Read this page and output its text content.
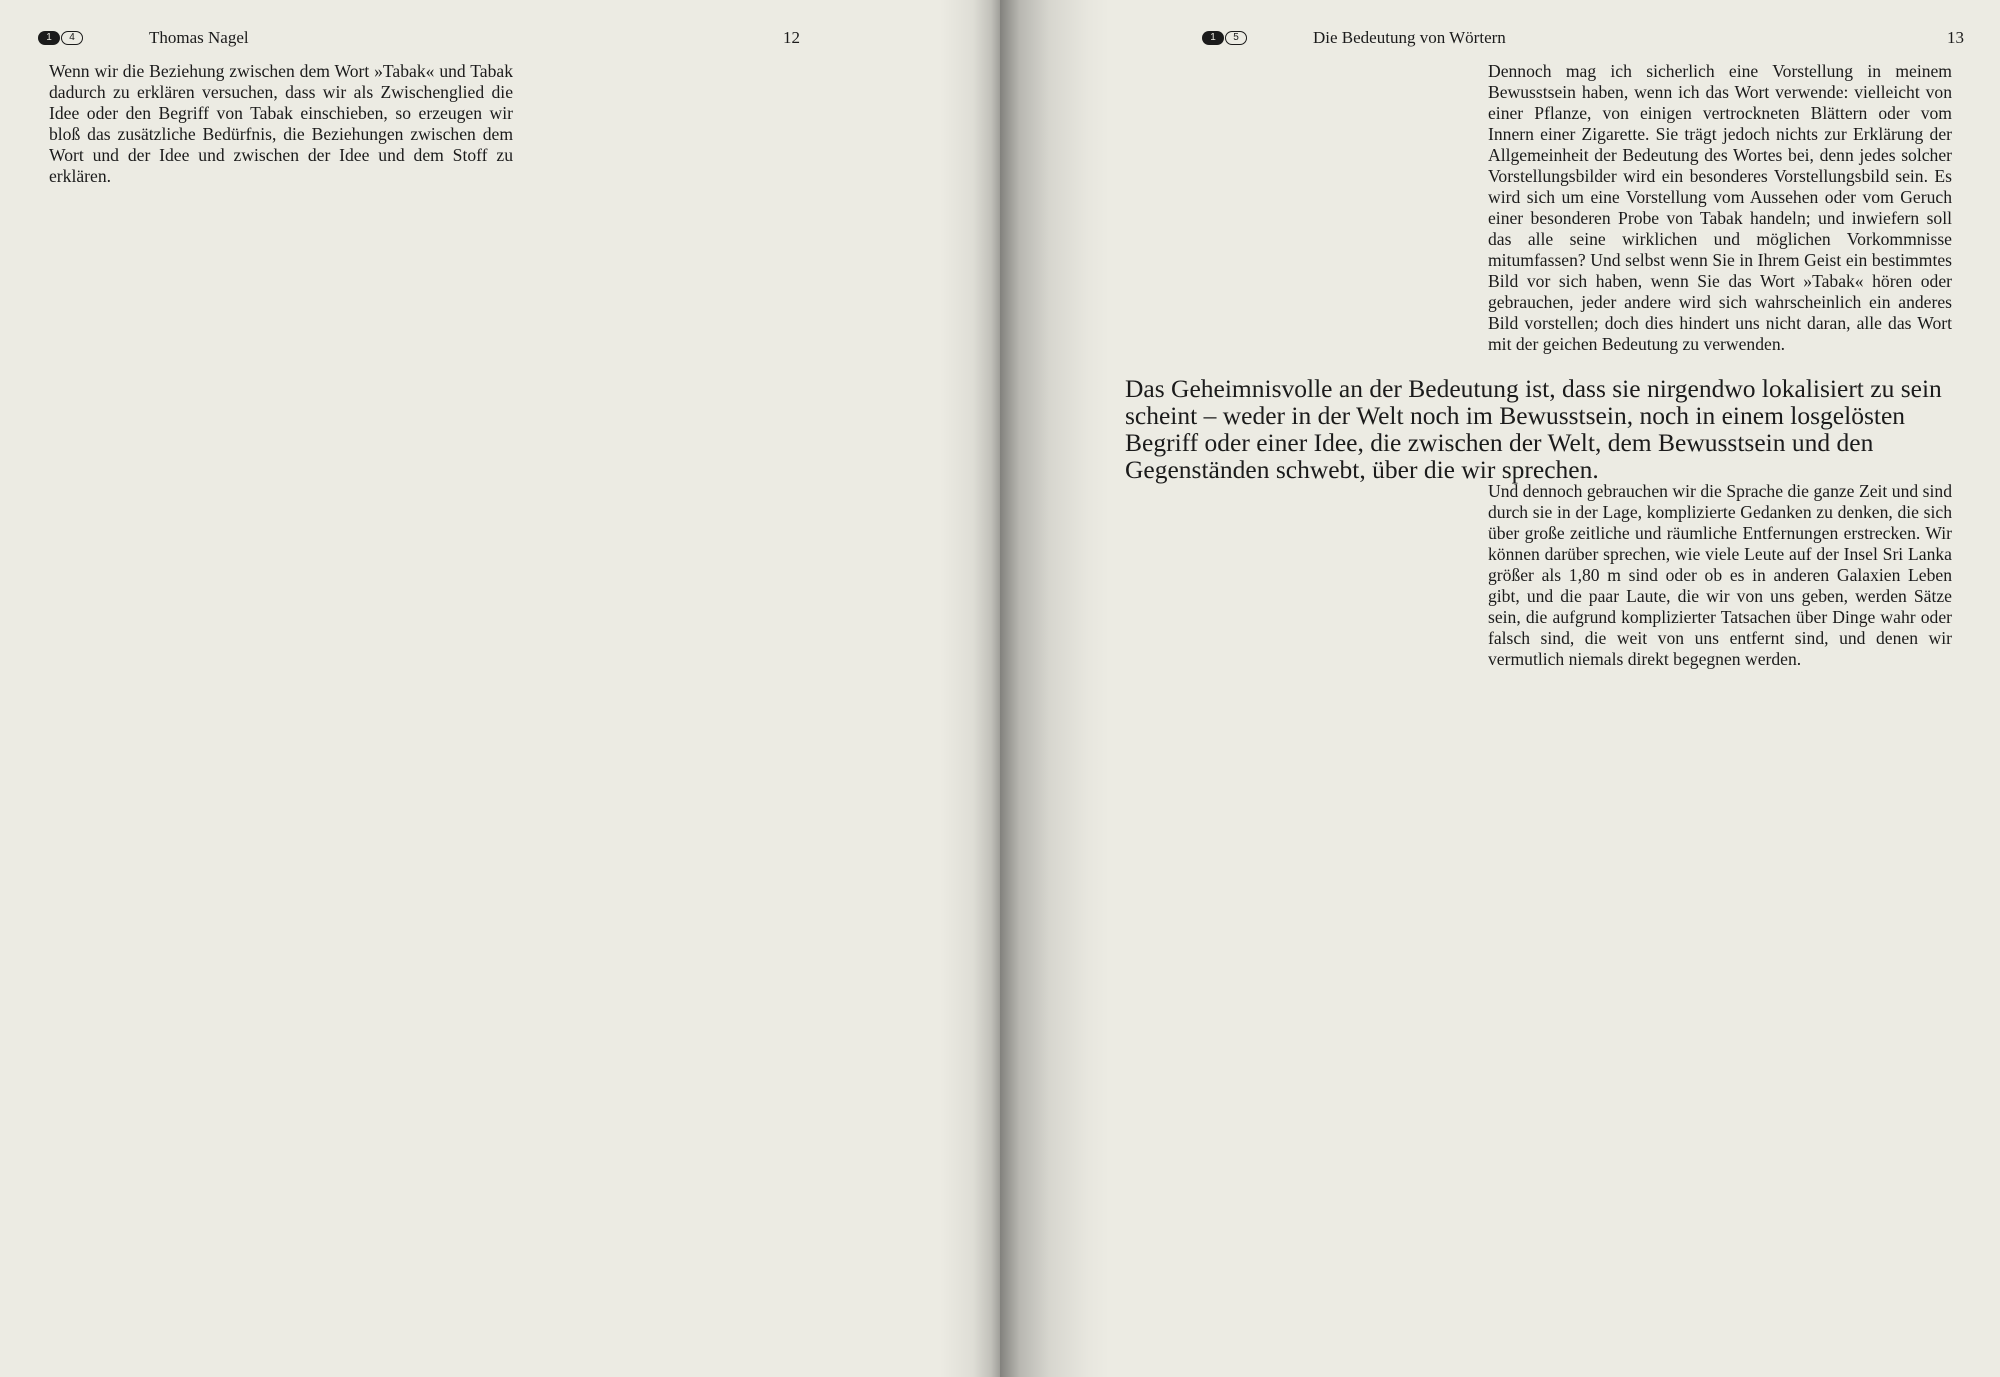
1	4	Thomas Nagel	12

Wenn wir die Beziehung zwischen dem Wort »Tabak« und Tabak dadurch zu erklären versuchen, dass wir als Zwischenglied die Idee oder den Begriff von Tabak einschieben, so erzeugen wir bloß das zusätzliche Bedürfnis, die Beziehungen zwischen dem Wort und der Idee und zwischen der Idee und dem Stoff zu erklären.

1	5	Die Bedeutung von Wörtern	13

Dennoch mag ich sicherlich eine Vorstellung in meinem Bewusstsein haben, wenn ich das Wort verwende: vielleicht von einer Pflanze, von einigen vertrockneten Blättern oder vom Innern einer Zigarette. Sie trägt jedoch nichts zur Erklärung der Allgemeinheit der Bedeutung des Wortes bei, denn jedes solcher Vorstellungsbilder wird ein besonderes Vorstellungsbild sein. Es wird sich um eine Vorstellung vom Aussehen oder vom Geruch einer besonderen Probe von Tabak handeln; und inwiefern soll das alle seine wirklichen und möglichen Vorkommnisse mitumfassen? Und selbst wenn Sie in Ihrem Geist ein bestimmtes Bild vor sich haben, wenn Sie das Wort »Tabak« hören oder gebrauchen, jeder andere wird sich wahrscheinlich ein anderes Bild vorstellen; doch dies hindert uns nicht daran, alle das Wort mit der geichen Bedeutung zu verwenden.

Das Geheimnisvolle an der Bedeutung ist, dass sie nirgendwo lokalisiert zu sein scheint – weder in der Welt noch im Bewusstsein, noch in einem losgelösten Begriff oder einer Idee, die zwischen der Welt, dem Bewusstsein und den Gegenständen schwebt, über die wir sprechen.

Und dennoch gebrauchen wir die Sprache die ganze Zeit und sind durch sie in der Lage, komplizierte Gedanken zu denken, die sich über große zeitliche und räumliche Entfernungen erstrecken. Wir können darüber sprechen, wie viele Leute auf der Insel Sri Lanka größer als 1,80 m sind oder ob es in anderen Galaxien Leben gibt, und die paar Laute, die wir von uns geben, werden Sätze sein, die aufgrund komplizierter Tatsachen über Dinge wahr oder falsch sind, die weit von uns entfernt sind, und denen wir vermutlich niemals direkt begegnen werden.
